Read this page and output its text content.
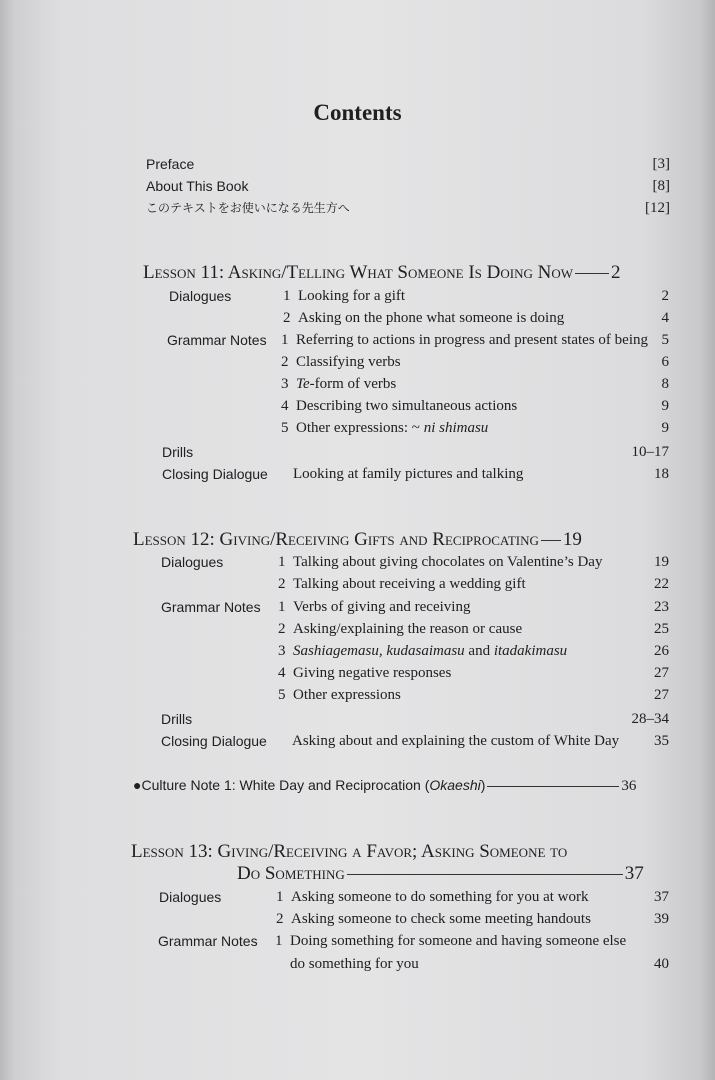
Contents
Preface	[3]
About This Book	[8]
このテキストをお使いになる先生方へ	[12]
Lesson 11: Asking/Telling What Someone Is Doing Now 2
Dialogues	1 Looking for a gift	2
2 Asking on the phone what someone is doing	4
Grammar Notes 1 Referring to actions in progress and present states of being 5
2 Classifying verbs	6
3 Te-form of verbs	8
4 Describing two simultaneous actions	9
5 Other expressions: ~ ni shimasu	9
Drills	10–17
Closing Dialogue Looking at family pictures and talking	18
Lesson 12: Giving/Receiving Gifts and Reciprocating 19
Dialogues	1 Talking about giving chocolates on Valentine’s Day	19
2 Talking about receiving a wedding gift	22
Grammar Notes 1 Verbs of giving and receiving	23
2 Asking/explaining the reason or cause	25
3 Sashiagemasu, kudasaimasu and itadakimasu	26
4 Giving negative responses	27
5 Other expressions	27
Drills	28–34
Closing Dialogue Asking about and explaining the custom of White Day 35
●Culture Note 1: White Day and Reciprocation (Okaeshi)	36
Lesson 13: Giving/Receiving a Favor; Asking Someone to
Do Something	37
Dialogues	1 Asking someone to do something for you at work	37
2 Asking someone to check some meeting handouts	39
Grammar Notes 1 Doing something for someone and having someone else
do something for you	40
